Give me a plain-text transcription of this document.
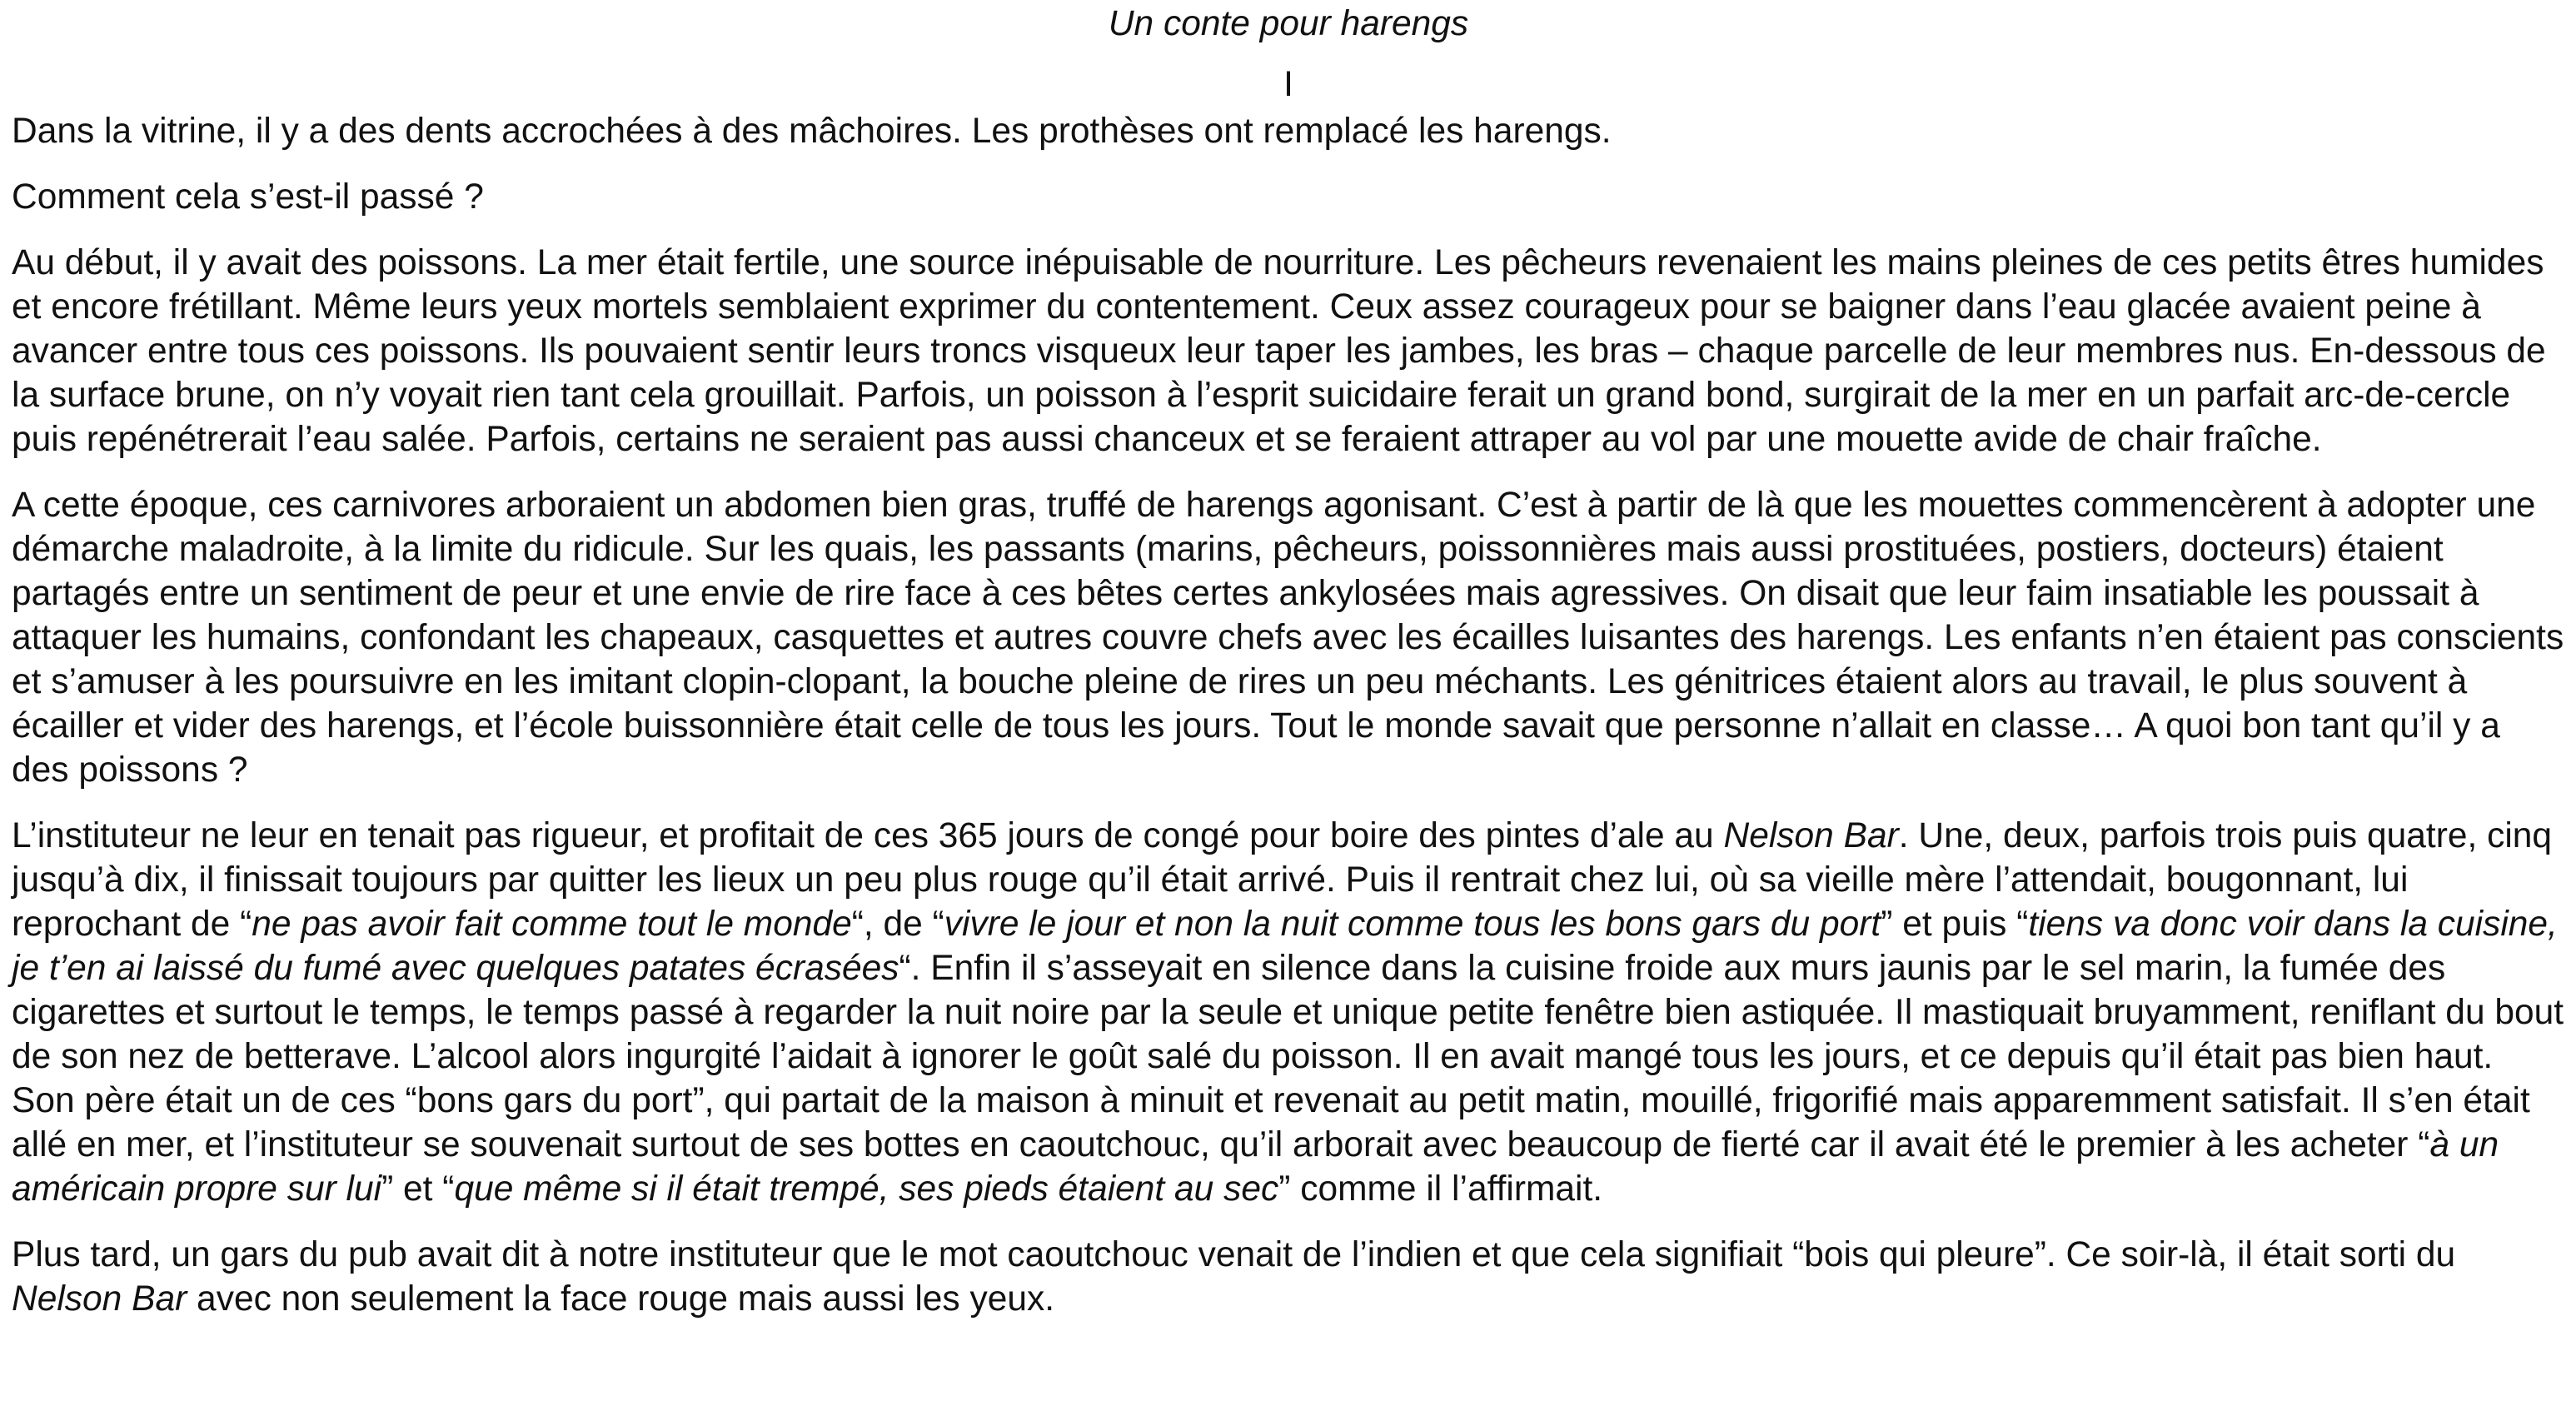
Un conte pour harengs

I

Dans la vitrine, il y a des dents accrochées à des mâchoires. Les prothèses ont remplacé les harengs.

Comment cela s’est-il passé ?

Au début, il y avait des poissons. La mer était fertile, une source inépuisable de nourriture. Les pêcheurs revenaient les mains pleines de ces petits êtres humides et encore frétillant. Même leurs yeux mortels semblaient exprimer du contentement. Ceux assez courageux pour se baigner dans l’eau glacée avaient peine à avancer entre tous ces poissons. Ils pouvaient sentir leurs troncs visqueux leur taper les jambes, les bras – chaque parcelle de leur membres nus. En-dessous de la surface brune, on n’y voyait rien tant cela grouillait. Parfois, un poisson à l’esprit suicidaire ferait un grand bond, surgirait de la mer en un parfait arc-de-cercle puis repénétrerait l’eau salée. Parfois, certains ne seraient pas aussi chanceux et se feraient attraper au vol par une mouette avide de chair fraîche.

A cette époque, ces carnivores arboraient un abdomen bien gras, truffé de harengs agonisant. C’est à partir de là que les mouettes commencèrent à adopter une démarche maladroite, à la limite du ridicule. Sur les quais, les passants (marins, pêcheurs, poissonnières mais aussi prostituées, postiers, docteurs) étaient partagés entre un sentiment de peur et une envie de rire face à ces bêtes certes ankylosées mais agressives. On disait que leur faim insatiable les poussait à attaquer les humains, confondant les chapeaux, casquettes et autres couvre chefs avec les écailles luisantes des harengs. Les enfants n’en étaient pas conscients et s’amuser à les poursuivre en les imitant clopin-clopant, la bouche pleine de rires un peu méchants. Les génitrices étaient alors au travail, le plus souvent à écailler et vider des harengs, et l’école buissonnière était celle de tous les jours. Tout le monde savait que personne n’allait en classe… A quoi bon tant qu’il y a des poissons ?

L’instituteur ne leur en tenait pas rigueur, et profitait de ces 365 jours de congé pour boire des pintes d’ale au Nelson Bar. Une, deux, parfois trois puis quatre, cinq jusqu’à dix, il finissait toujours par quitter les lieux un peu plus rouge qu’il était arrivé. Puis il rentrait chez lui, où sa vieille mère l’attendait, bougonnant, lui reprochant de “ne pas avoir fait comme tout le monde“, de “vivre le jour et non la nuit comme tous les bons gars du port” et puis “tiens va donc voir dans la cuisine, je t’en ai laissé du fumé avec quelques patates écrasées“. Enfin il s’asseyait en silence dans la cuisine froide aux murs jaunis par le sel marin, la fumée des cigarettes et surtout le temps, le temps passé à regarder la nuit noire par la seule et unique petite fenêtre bien astiquée. Il mastiquait bruyamment, reniflant du bout de son nez de betterave. L’alcool alors ingurgité l’aidait à ignorer le goût salé du poisson. Il en avait mangé tous les jours, et ce depuis qu’il était pas bien haut. Son père était un de ces “bons gars du port”, qui partait de la maison à minuit et revenait au petit matin, mouillé, frigorifié mais apparemment satisfait. Il s’en était allé en mer, et l’instituteur se souvenait surtout de ses bottes en caoutchouc, qu’il arborait avec beaucoup de fierté car il avait été le premier à les acheter “à un américain propre sur lui” et “que même si il était trempé, ses pieds étaient au sec” comme il l’affirmait.

Plus tard, un gars du pub avait dit à notre instituteur que le mot caoutchouc venait de l’indien et que cela signifiait “bois qui pleure”. Ce soir-là, il était sorti du Nelson Bar avec non seulement la face rouge mais aussi les yeux.
